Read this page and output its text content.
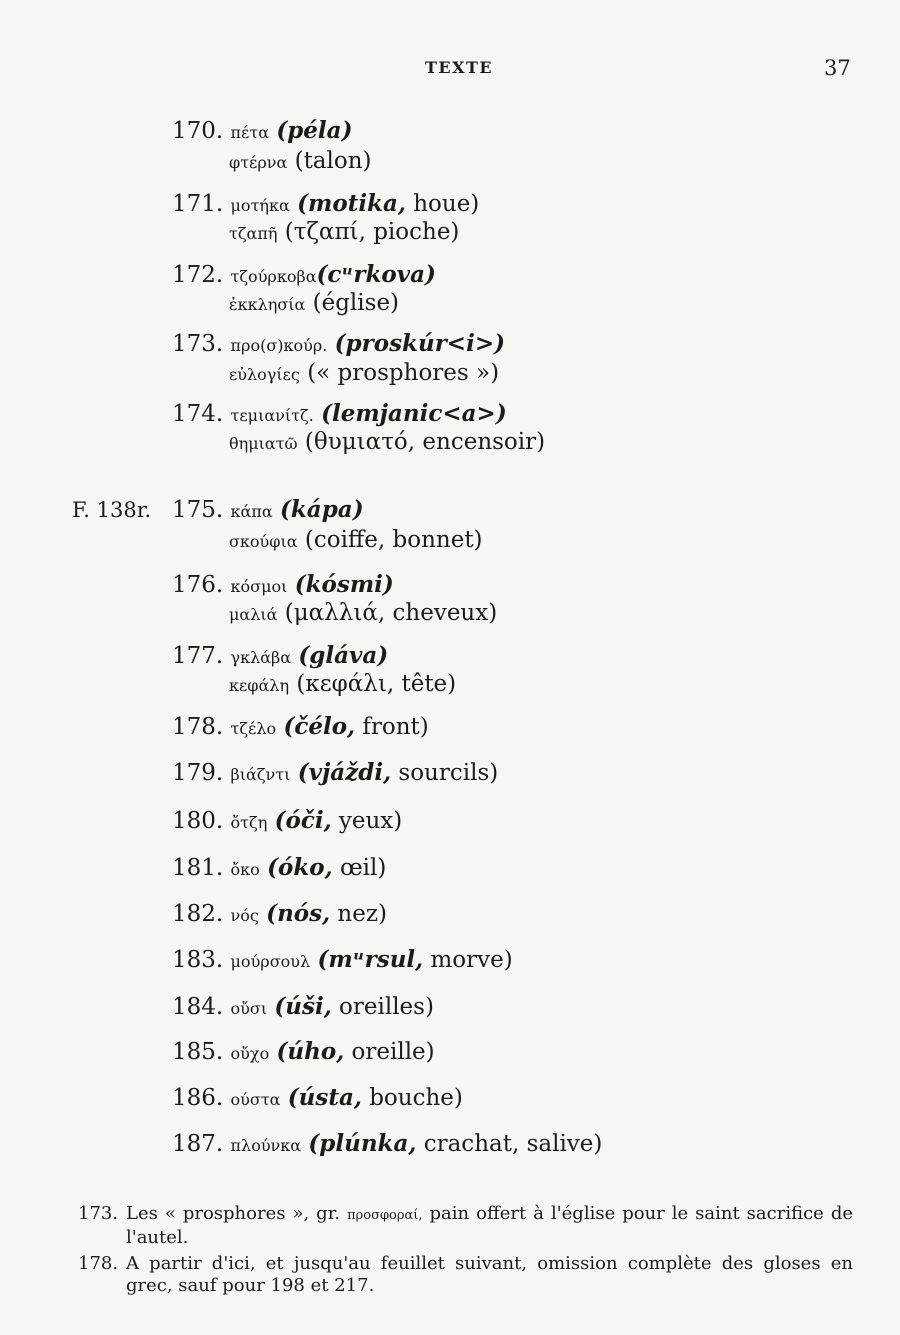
TEXTE	37
F. 138r.
170. πέτα (péla)
φτέρνα (talon)
171. μοτήκα (motika, houe)
τζαπῆ (τζαπί, pioche)
172. τζούρκοβα(cᵘrkova)
ἐκκλησία (église)
173. προ(σ)κούρ. (proskúr<i>)
εὐλογίες (« prosphores »)
174. τεμιανίτζ. (lemjanic<a>)
θημιατῶ (θυμιατό, encensoir)
175. κάπα (kápa)
σκούφια (coiffe, bonnet)
176. κόσμοι (kósmi)
μαλιά (μαλλιά, cheveux)
177. γκλάβα (gláva)
κεφάλη (κεφάλι, tête)
178. τζέλο (čélo, front)
179. βιάζντι (vjáždi, sourcils)
180. ὄτζη (óči, yeux)
181. ὄκο (óko, œil)
182. νός (nós, nez)
183. μούρσουλ (mᵘrsul, morve)
184. οὔσι (úši, oreilles)
185. οὔχο (úho, oreille)
186. ούστα (ústa, bouche)
187. πλούνκα (plúnka, crachat, salive)
173. Les « prosphores », gr. προσφοραί, pain offert à l'église pour le saint sacrifice de l'autel.
178. A partir d'ici, et jusqu'au feuillet suivant, omission complète des gloses en grec, sauf pour 198 et 217.
